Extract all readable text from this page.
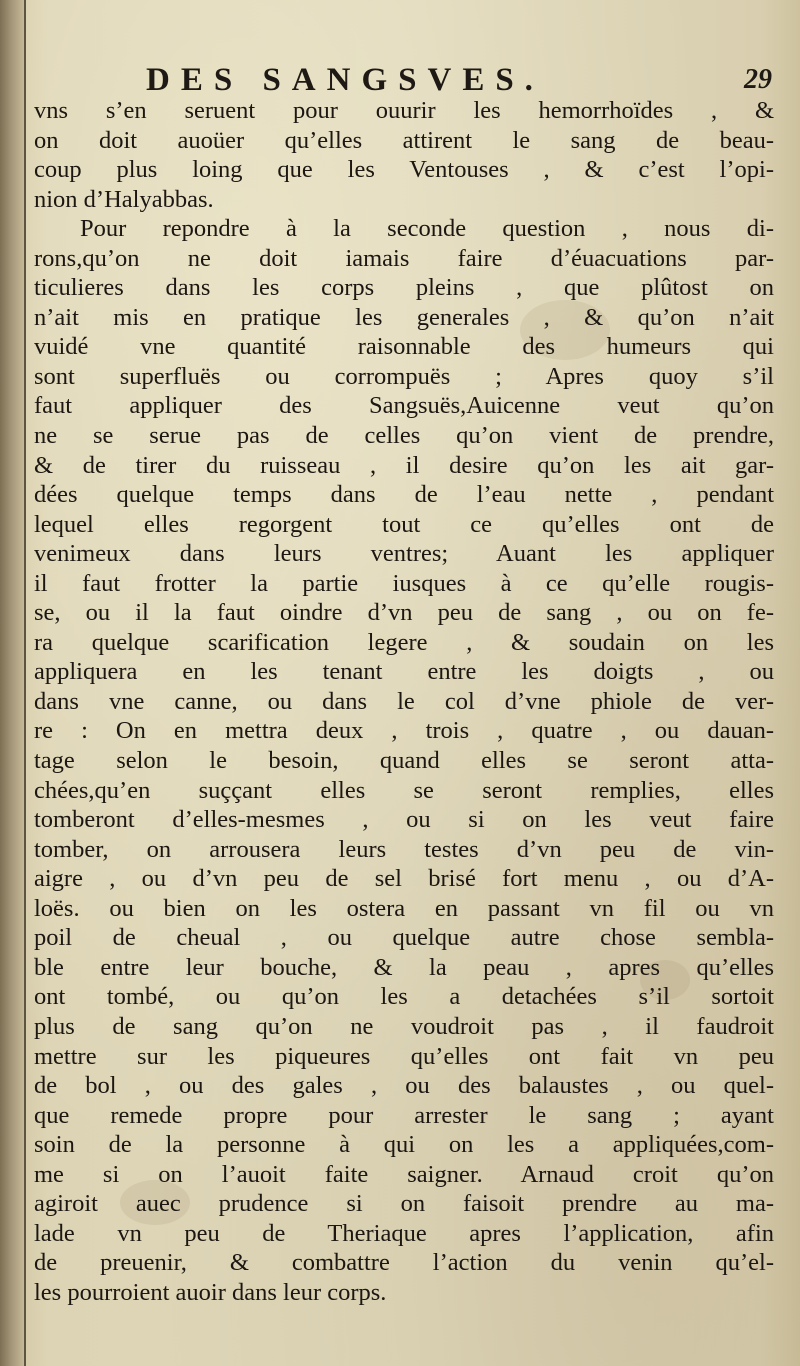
DES SANGSVES.	29
vns s’en seruent pour ouurir les hemorrhoïdes , &
on doit auoüer qu’elles attirent le sang de beau-
coup plus loing que les Ventouses , & c’est l’opi-
nion d’Halyabbas.
Pour repondre à la seconde question , nous di-
rons,qu’on ne doit iamais faire d’éuacuations par-
ticulieres dans les corps pleins , que plûtost on
n’ait mis en pratique les generales , & qu’on n’ait
vuidé vne quantité raisonnable des humeurs qui
sont superfluës ou corrompuës ; Apres quoy s’il
faut appliquer des Sangsuës,Auicenne veut qu’on
ne se serue pas de celles qu’on vient de prendre,
& de tirer du ruisseau , il desire qu’on les ait gar-
dées quelque temps dans de l’eau nette , pendant
lequel elles regorgent tout ce qu’elles ont de
venimeux dans leurs ventres; Auant les appliquer
il faut frotter la partie iusques à ce qu’elle rougis-
se, ou il la faut oindre d’vn peu de sang , ou on fe-
ra quelque scarification legere , & soudain on les
appliquera en les tenant entre les doigts , ou
dans vne canne, ou dans le col d’vne phiole de ver-
re : On en mettra deux , trois , quatre , ou dauan-
tage selon le besoin, quand elles se seront atta-
chées,qu’en suççant elles se seront remplies, elles
tomberont d’elles-mesmes , ou si on les veut faire
tomber, on arrousera leurs testes d’vn peu de vin-
aigre , ou d’vn peu de sel brisé fort menu , ou d’A-
loës. ou bien on les ostera en passant vn fil ou vn
poil de cheual , ou quelque autre chose sembla-
ble entre leur bouche, & la peau , apres qu’elles
ont tombé, ou qu’on les a detachées s’il sortoit
plus de sang qu’on ne voudroit pas , il faudroit
mettre sur les piqueures qu’elles ont fait vn peu
de bol , ou des gales , ou des balaustes , ou quel-
que remede propre pour arrester le sang ; ayant
soin de la personne à qui on les a appliquées,com-
me si on l’auoit faite saigner. Arnaud croit qu’on
agiroit auec prudence si on faisoit prendre au ma-
lade vn peu de Theriaque apres l’application, afin
de preuenir, & combattre l’action du venin qu’el-
les pourroient auoir dans leur corps.
